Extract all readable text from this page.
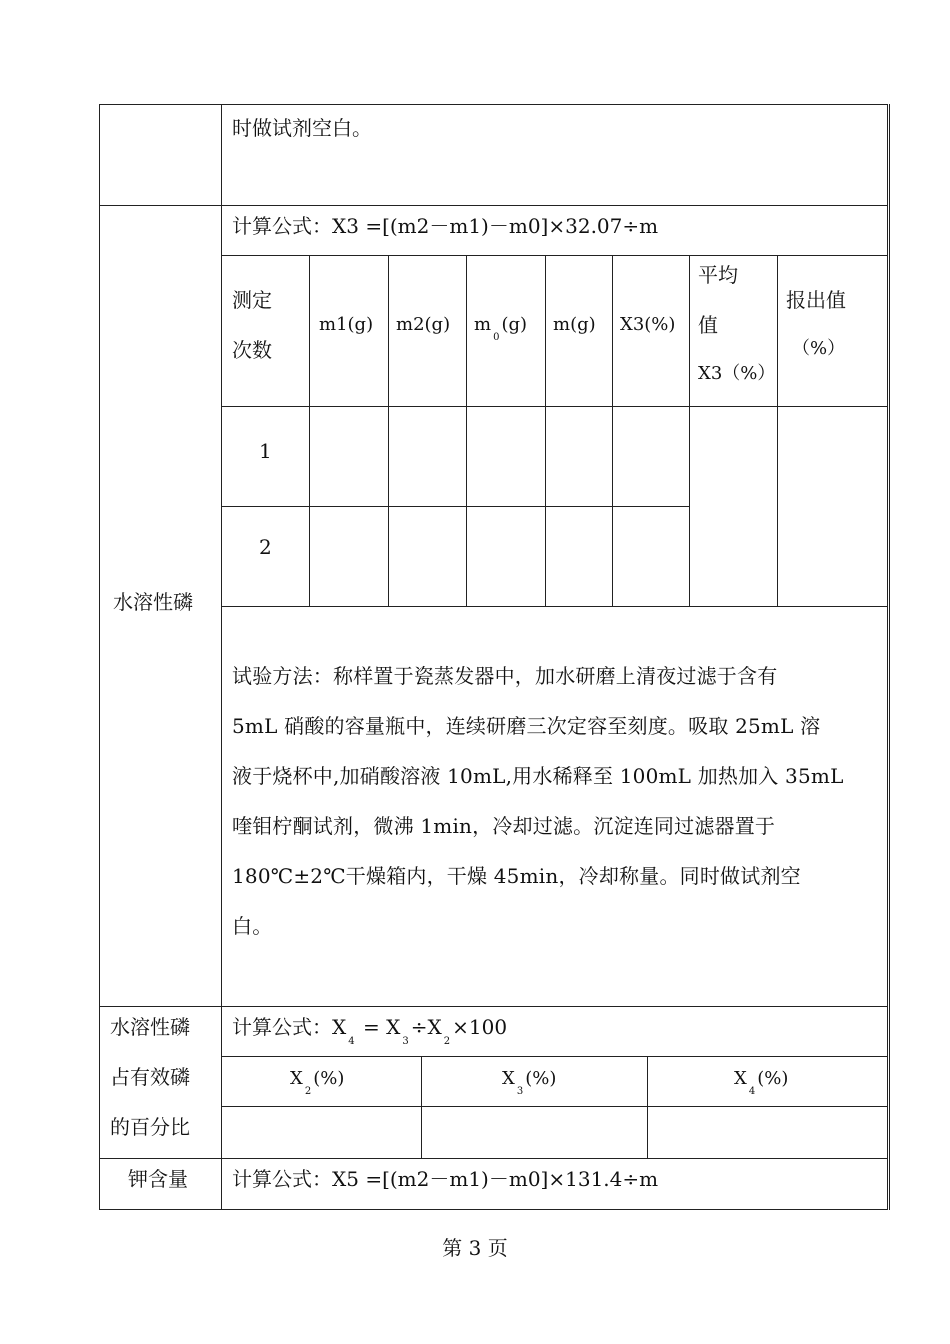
时做试剂空白。
水溶性磷
计算公式：X3 =[(m2－m1)－m0]×32.07÷m
测定
次数
m1(g) m2(g) $m_0(g)$ m(g) X3(%)
平均
值
X3（%）
报出值
（%）
1
2
试验方法：称样置于瓷蒸发器中，加水研磨上清夜过滤于含有
5mL 硝酸的容量瓶中，连续研磨三次定容至刻度。吸取 25mL 溶
液于烧杯中,加硝酸溶液 10mL,用水稀释至 100mL 加热加入 35mL
喹钼柠酮试剂，微沸 1min，冷却过滤。沉淀连同过滤器置于
180℃±2℃干燥箱内，干燥 45min，冷却称量。同时做试剂空
白。
水溶性磷
占有效磷
的百分比
计算公式：$X_4 = X_3\div X_2\times 100$
$X_2(\%)$	$X_3(\%)$	$X_4(\%)$
钾含量 计算公式：X5 =[(m2－m1)－m0]×131.4÷m
第 3 页
